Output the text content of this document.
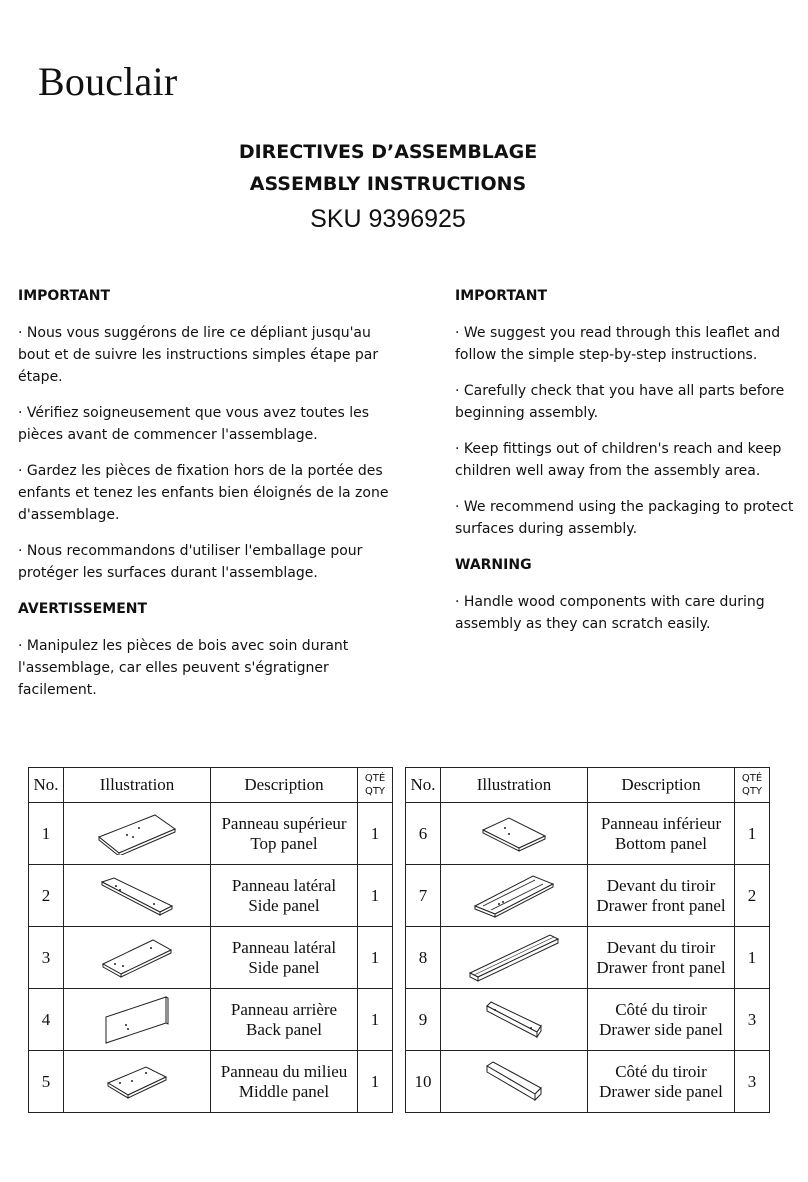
Bouclair
DIRECTIVES D’ASSEMBLAGE
ASSEMBLY INSTRUCTIONS
SKU 9396925
IMPORTANT
· Nous vous suggérons de lire ce dépliant jusqu'au bout et de suivre les instructions simples étape par étape.
· Vérifiez soigneusement que vous avez toutes les pièces avant de commencer l'assemblage.
· Gardez les pièces de fixation hors de la portée des enfants et tenez les enfants bien éloignés de la zone d'assemblage.
· Nous recommandons d'utiliser l'emballage pour protéger les surfaces durant l'assemblage.
AVERTISSEMENT
· Manipulez les pièces de bois avec soin durant l'assemblage, car elles peuvent s'égratigner facilement.
IMPORTANT
· We suggest you read through this leaflet and follow the simple step-by-step instructions.
· Carefully check that you have all parts before beginning assembly.
· Keep fittings out of children's reach and keep children well away from the assembly area.
· We recommend using the packaging to protect surfaces during assembly.
WARNING
· Handle wood components with care during assembly as they can scratch easily.
No.	Illustration	Description	QTÉ
QTY

1		Panneau supérieur
Top panel	1
2		Panneau latéral
Side panel	1
3		Panneau latéral
Side panel	1
4		Panneau arrière
Back panel	1
5		Panneau du milieu
Middle panel	1
No.	Illustration	Description	QTÉ
QTY

6		Panneau inférieur
Bottom panel	1
7		Devant du tiroir
Drawer front panel	2
8		Devant du tiroir
Drawer front panel	1
9		Côté du tiroir
Drawer side panel	3
10		Côté du tiroir
Drawer side panel	3
